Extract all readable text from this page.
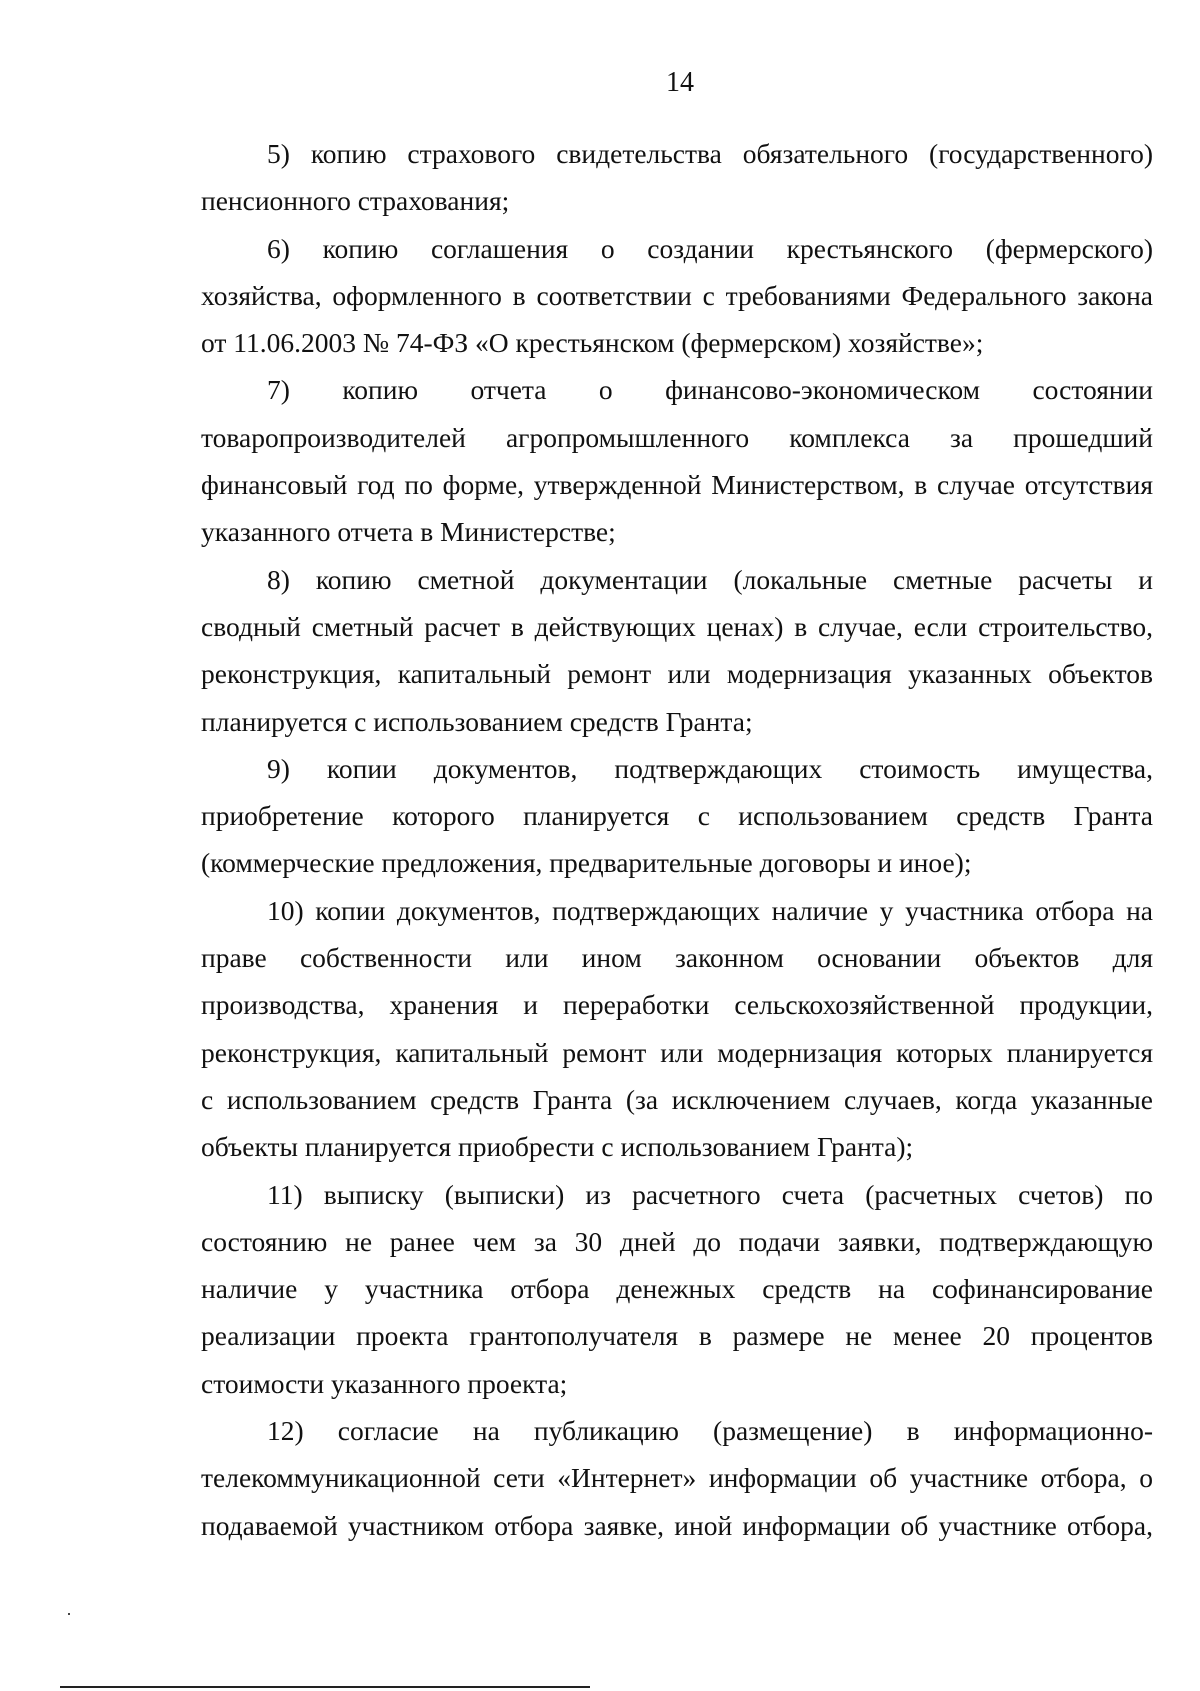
14
5) копию страхового свидетельства обязательного (государственного)
пенсионного страхования;
6) копию соглашения о создании крестьянского (фермерского)
хозяйства, оформленного в соответствии с требованиями Федерального закона
от 11.06.2003 № 74-ФЗ «О крестьянском (фермерском) хозяйстве»;
7) копию отчета о финансово-экономическом состоянии
товаропроизводителей агропромышленного комплекса за прошедший
финансовый год по форме, утвержденной Министерством, в случае отсутствия
указанного отчета в Министерстве;
8) копию сметной документации (локальные сметные расчеты и
сводный сметный расчет в действующих ценах) в случае, если строительство,
реконструкция, капитальный ремонт или модернизация указанных объектов
планируется с использованием средств Гранта;
9) копии документов, подтверждающих стоимость имущества,
приобретение которого планируется с использованием средств Гранта
(коммерческие предложения, предварительные договоры и иное);
10) копии документов, подтверждающих наличие у участника отбора на
праве собственности или ином законном основании объектов для
производства, хранения и переработки сельскохозяйственной продукции,
реконструкция, капитальный ремонт или модернизация которых планируется
с использованием средств Гранта (за исключением случаев, когда указанные
объекты планируется приобрести с использованием Гранта);
11) выписку (выписки) из расчетного счета (расчетных счетов) по
состоянию не ранее чем за 30 дней до подачи заявки, подтверждающую
наличие у участника отбора денежных средств на софинансирование
реализации проекта грантополучателя в размере не менее 20 процентов
стоимости указанного проекта;
12) согласие на публикацию (размещение) в информационно-
телекоммуникационной сети «Интернет» информации об участнике отбора, о
подаваемой участником отбора заявке, иной информации об участнике отбора,
